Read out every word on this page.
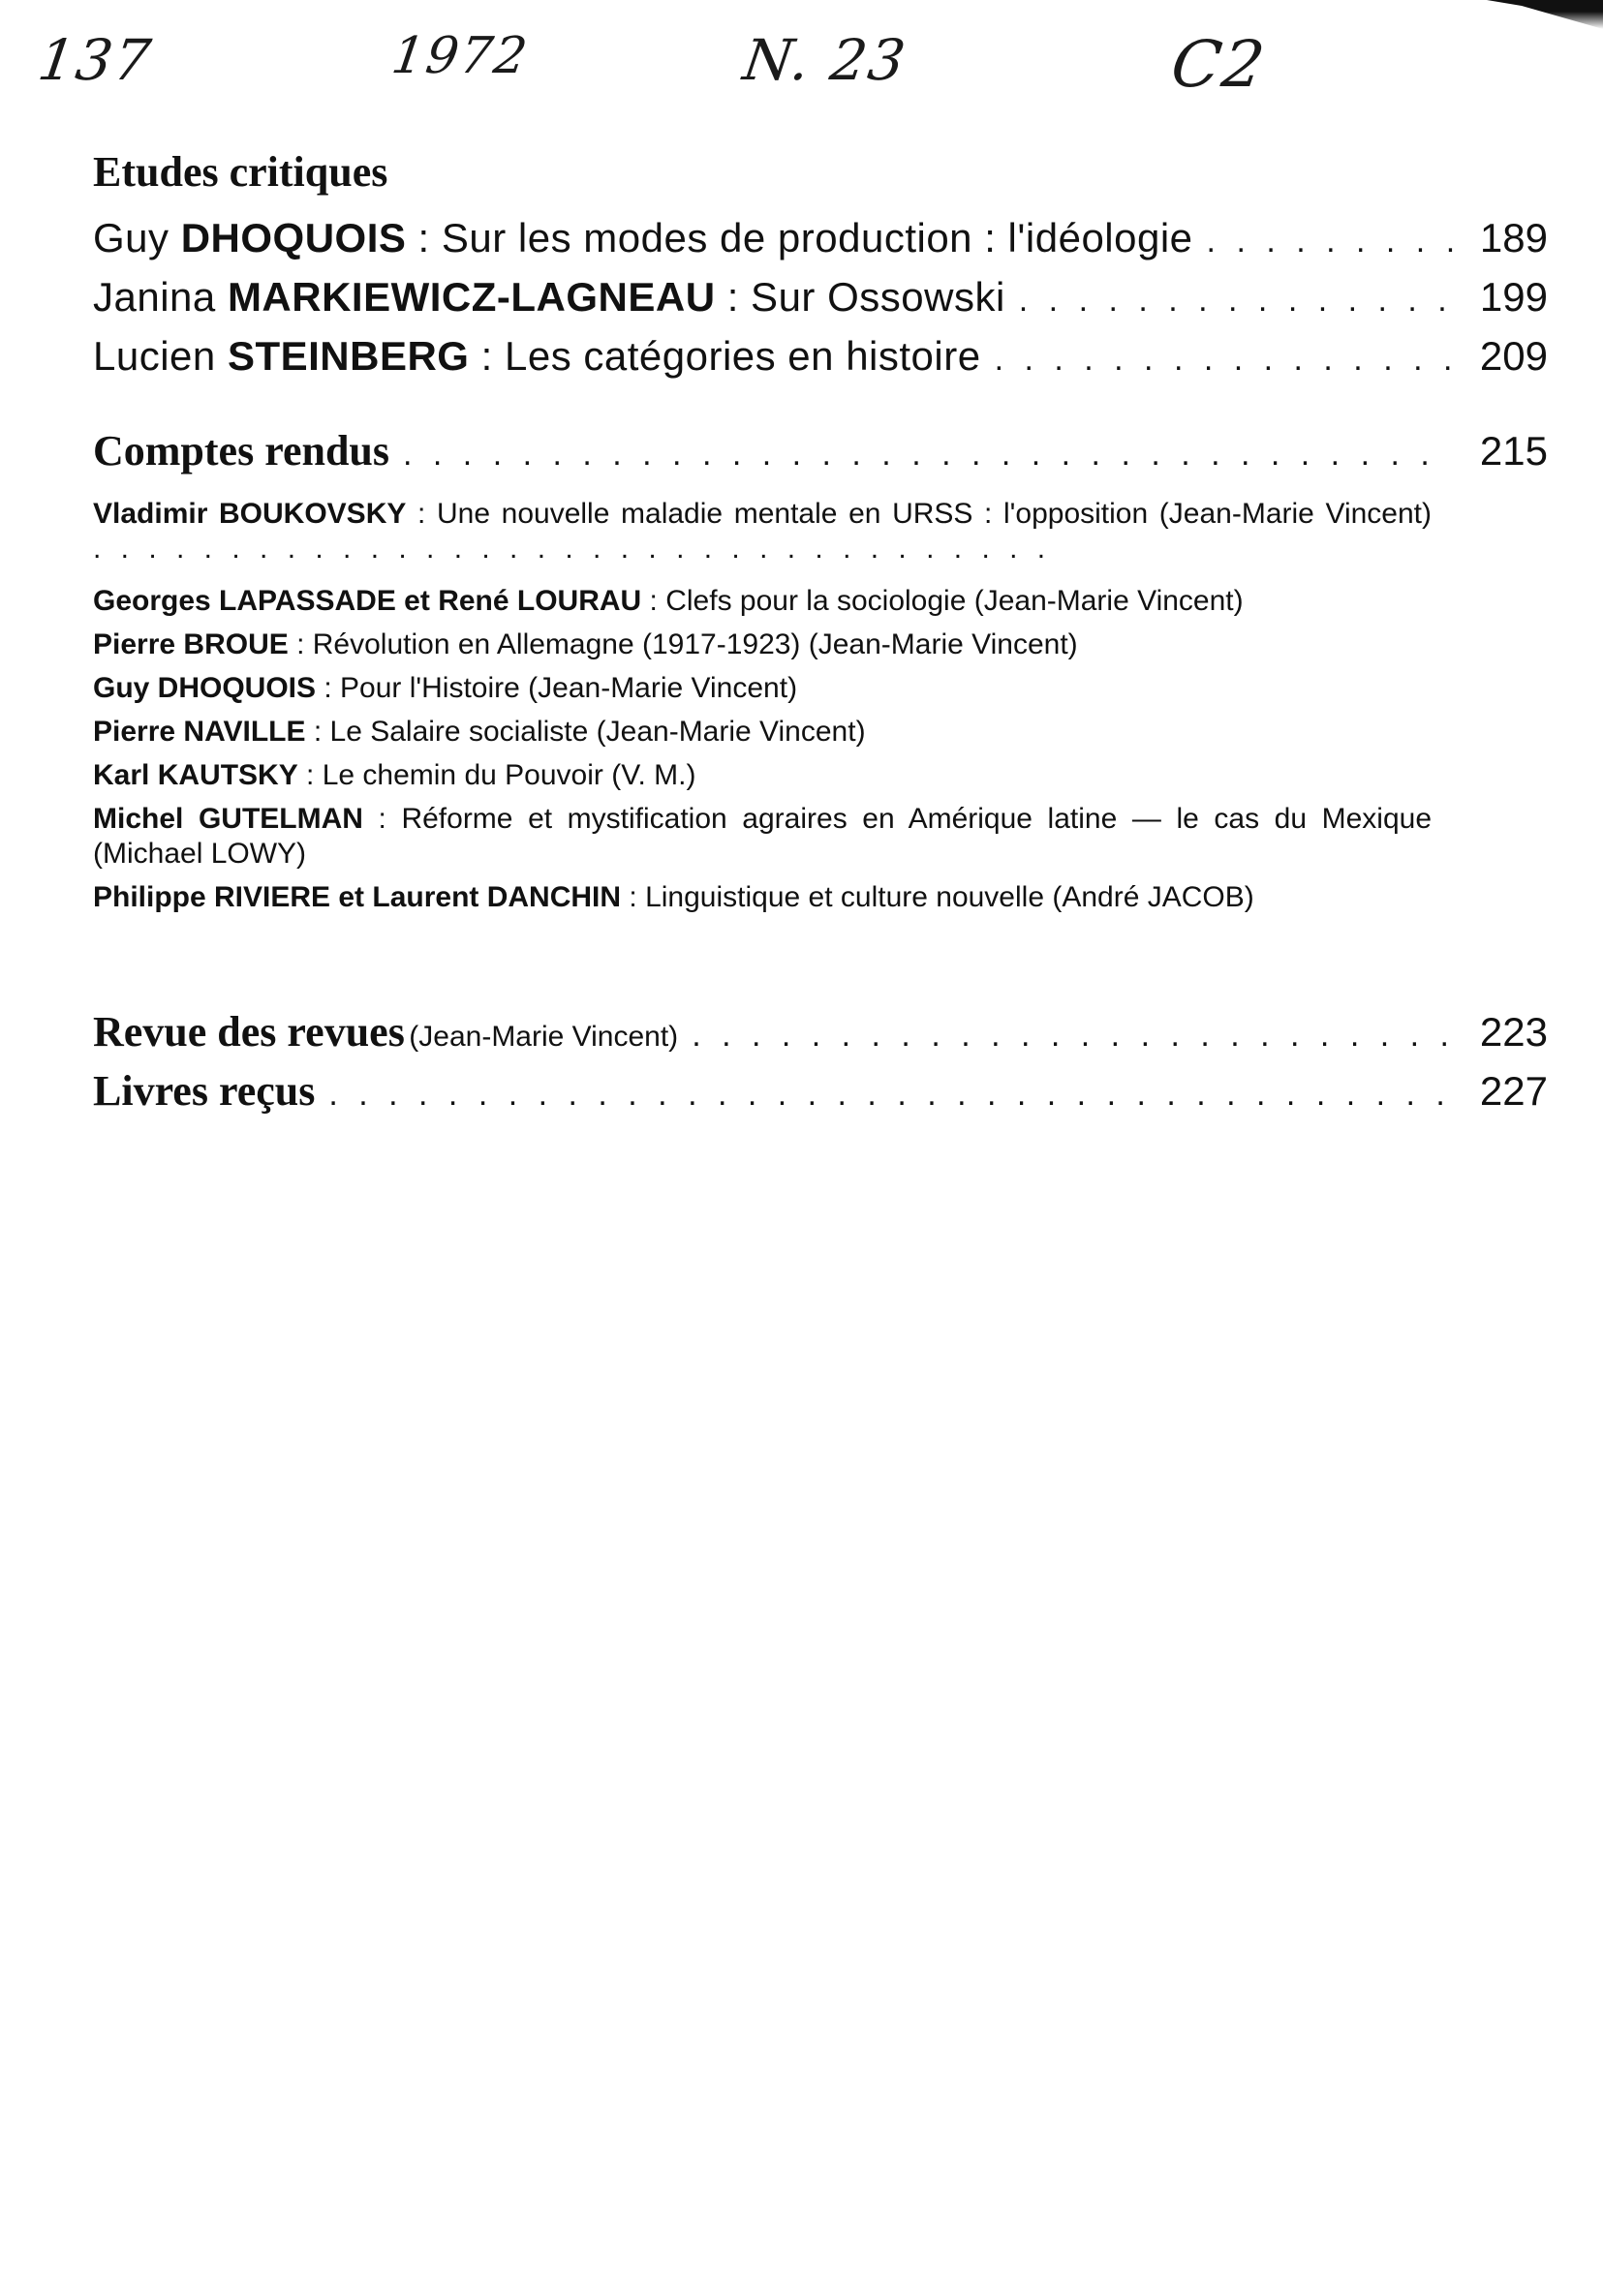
137	1972	N. 23	C2
Etudes critiques
Guy DHOQUOIS : Sur les modes de production : l'idéologie . . .	189
Janina MARKIEWICZ-LAGNEAU : Sur Ossowski . . .	199
Lucien STEINBERG : Les catégories en histoire . . .	209
Comptes rendus . . .	215
Vladimir BOUKOVSKY : Une nouvelle maladie mentale en URSS : l'opposition (Jean-Marie Vincent) . . .
Georges LAPASSADE et René LOURAU : Clefs pour la sociologie (Jean-Marie Vincent)
Pierre BROUE : Révolution en Allemagne (1917-1923) (Jean-Marie Vincent)
Guy DHOQUOIS : Pour l'Histoire (Jean-Marie Vincent)
Pierre NAVILLE : Le Salaire socialiste (Jean-Marie Vincent)
Karl KAUTSKY : Le chemin du Pouvoir (V. M.)
Michel GUTELMAN : Réforme et mystification agraires en Amérique latine — le cas du Mexique (Michael LOWY)
Philippe RIVIERE et Laurent DANCHIN : Linguistique et culture nouvelle (André JACOB)
Revue des revues (Jean-Marie Vincent) . . .	223
Livres reçus . . .	227
